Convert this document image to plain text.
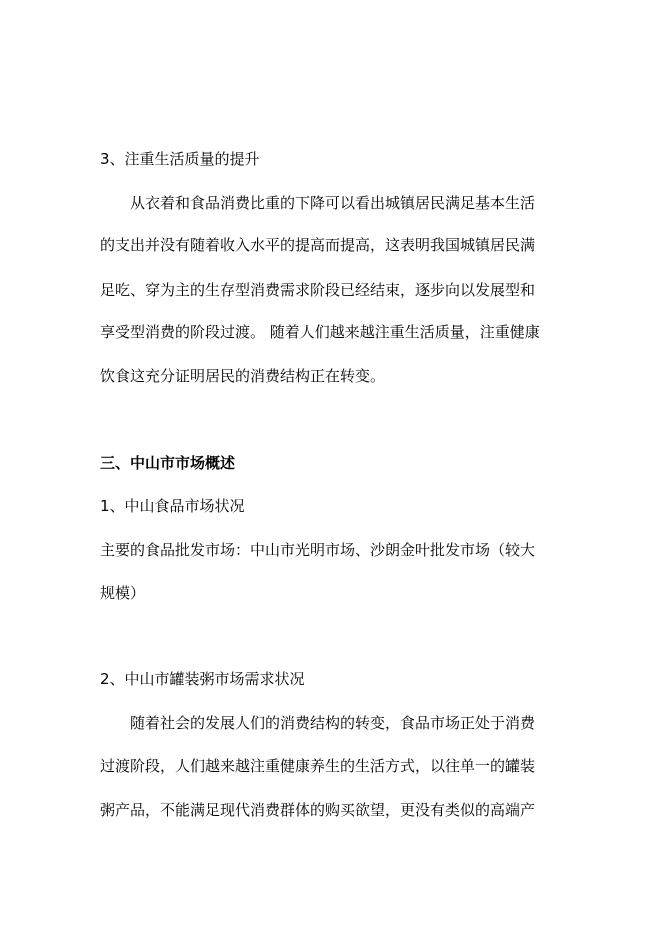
3、注重生活质量的提升
从衣着和食品消费比重的下降可以看出城镇居民满足基本生活
的支出并没有随着收入水平的提高而提高，这表明我国城镇居民满
足吃、穿为主的生存型消费需求阶段已经结束，逐步向以发展型和
享受型消费的阶段过渡。 随着人们越来越注重生活质量，注重健康
饮食这充分证明居民的消费结构正在转变。
三、中山市市场概述
1、中山食品市场状况
主要的食品批发市场：中山市光明市场、沙朗金叶批发市场（较大
规模）
2、中山市罐装粥市场需求状况
随着社会的发展人们的消费结构的转变，食品市场正处于消费
过渡阶段，人们越来越注重健康养生的生活方式，以往单一的罐装
粥产品，不能满足现代消费群体的购买欲望，更没有类似的高端产
